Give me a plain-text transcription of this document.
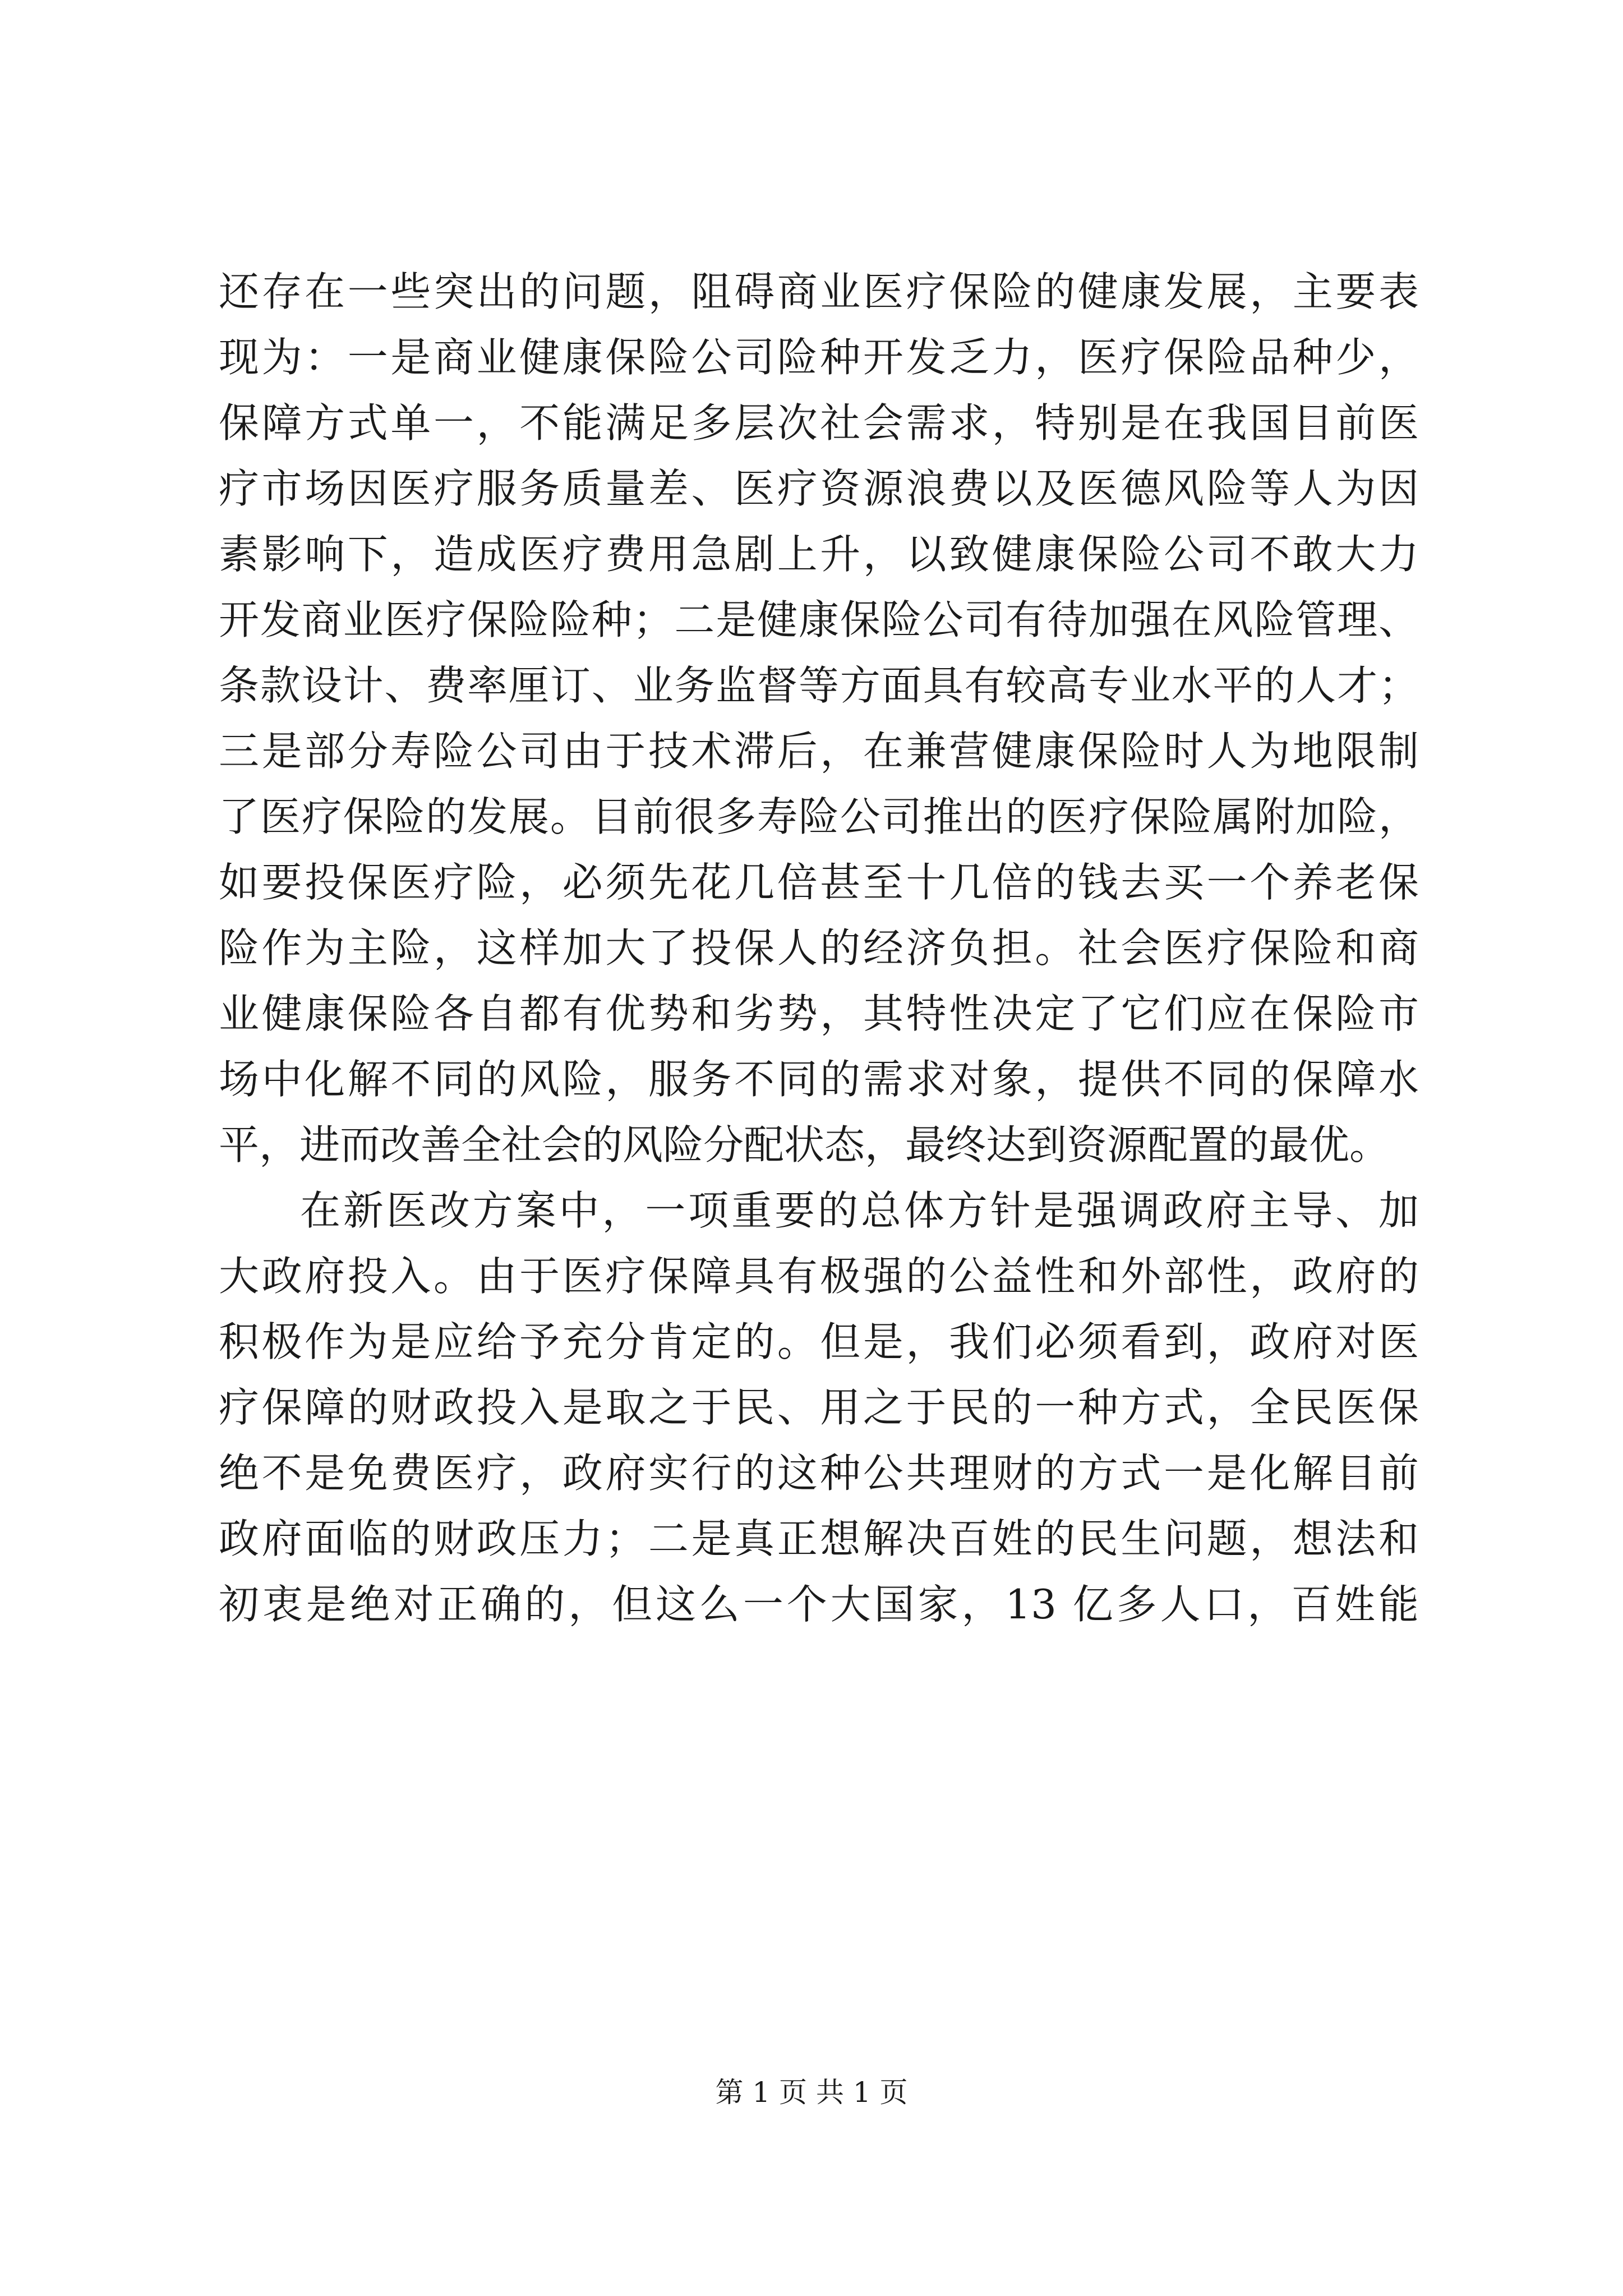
还存在一些突出的问题，阻碍商业医疗保险的健康发展，主要表
现为：一是商业健康保险公司险种开发乏力，医疗保险品种少，
保障方式单一，不能满足多层次社会需求，特别是在我国目前医
疗市场因医疗服务质量差、医疗资源浪费以及医德风险等人为因
素影响下，造成医疗费用急剧上升，以致健康保险公司不敢大力
开发商业医疗保险险种；二是健康保险公司有待加强在风险管理、
条款设计、费率厘订、业务监督等方面具有较高专业水平的人才；
三是部分寿险公司由于技术滞后，在兼营健康保险时人为地限制
了医疗保险的发展。目前很多寿险公司推出的医疗保险属附加险，
如要投保医疗险，必须先花几倍甚至十几倍的钱去买一个养老保
险作为主险，这样加大了投保人的经济负担。社会医疗保险和商
业健康保险各自都有优势和劣势，其特性决定了它们应在保险市
场中化解不同的风险，服务不同的需求对象，提供不同的保障水
平，进而改善全社会的风险分配状态，最终达到资源配置的最优。
在新医改方案中，一项重要的总体方针是强调政府主导、加
大政府投入。由于医疗保障具有极强的公益性和外部性，政府的
积极作为是应给予充分肯定的。但是，我们必须看到，政府对医
疗保障的财政投入是取之于民、用之于民的一种方式，全民医保
绝不是免费医疗，政府实行的这种公共理财的方式一是化解目前
政府面临的财政压力；二是真正想解决百姓的民生问题，想法和
初衷是绝对正确的，但这么一个大国家，13 亿多人口，百姓能
第 1 页 共 1 页
